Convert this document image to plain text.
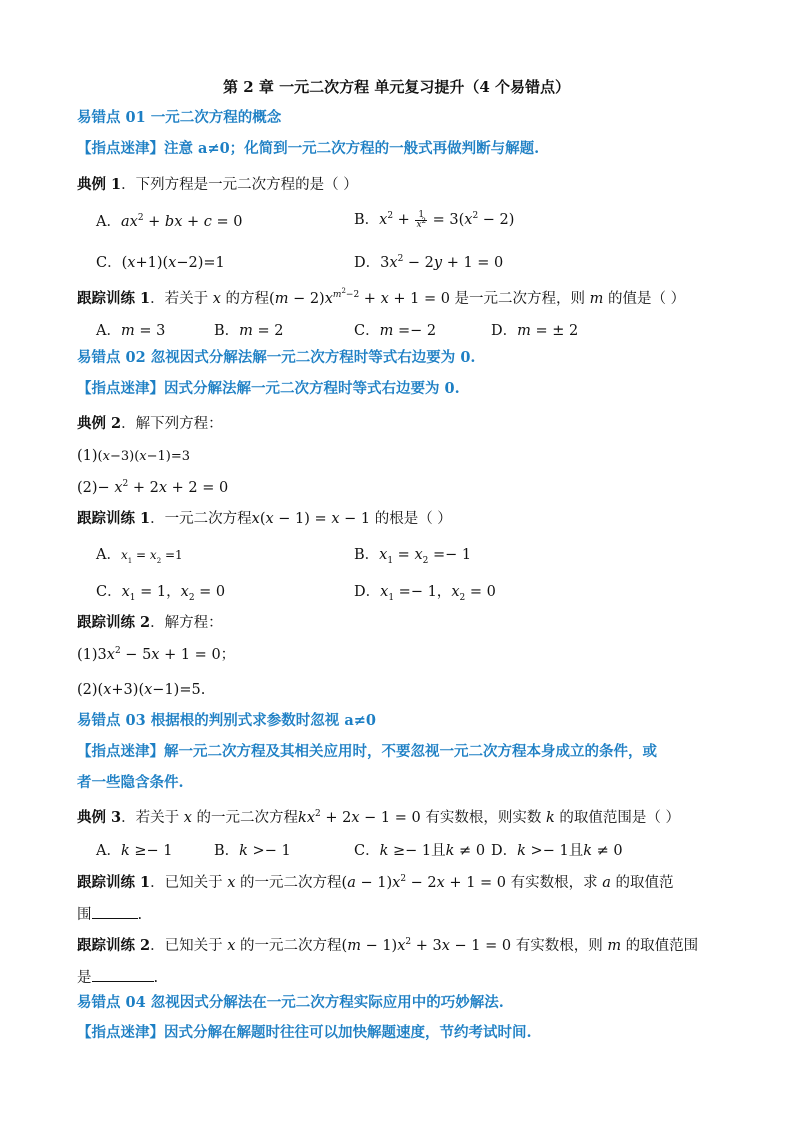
第 2 章 一元二次方程 单元复习提升（4 个易错点）
易错点 01 一元二次方程的概念
【指点迷津】注意 a≠0；化简到一元二次方程的一般式再做判断与解题.
典例 1．下列方程是一元二次方程的是（ ）
A．$ax^2$ + bx + c = 0	B．$x^2 + \frac{1}{x^2} = 3(x^2 - 2)$
C．(x+1)(x−2)=1	D．$3x^2 - 2y + 1 = 0$
跟踪训练 1．若关于 x 的方程$(m - 2)x^{m^2-2} + x + 1 = 0$ 是一元二次方程，则 m 的值是（ ）
A．m = 3	B．m = 2	C．m =− 2	D．m = ± 2
易错点 02 忽视因式分解法解一元二次方程时等式右边要为 0.
【指点迷津】因式分解法解一元二次方程时等式右边要为 0.
典例 2．解下列方程：
(1)(x−3)(x−1)=3
$(2)- x^2 + 2x + 2 = 0$
跟踪训练 1．一元二次方程x(x − 1) = x − 1 的根是（ ）
A．$x_1 = x_2 =1$	B．$x_1 = x_2 =- 1$
C．$x_1 = 1$，$x_2 = 0$	D．$x_1 =- 1$，$x_2 = 0$
跟踪训练 2．解方程：
$(1)3x^2 - 5x + 1 = 0$；
(2)(x+3)(x−1)=5.
易错点 03 根据根的判别式求参数时忽视 a≠0
【指点迷津】解一元二次方程及其相关应用时，不要忽视一元二次方程本身成立的条件，或
者一些隐含条件.
典例 3．若关于 x 的一元二次方程$kx^2 + 2x - 1 = 0$ 有实数根，则实数 k 的取值范围是（ ）
A．k ≥− 1	B．k >− 1	C．k ≥− 1且k ≠ 0 D．k >− 1且k ≠ 0
跟踪训练 1．已知关于 x 的一元二次方程$(a - 1)x^2 - 2x + 1 = 0$ 有实数根，求 a 的取值范
围	.
跟踪训练 2．已知关于 x 的一元二次方程$(m - 1)x^2 + 3x - 1 = 0$ 有实数根，则 m 的取值范围
是	.
易错点 04 忽视因式分解法在一元二次方程实际应用中的巧妙解法.
【指点迷津】因式分解在解题时往往可以加快解题速度，节约考试时间.
